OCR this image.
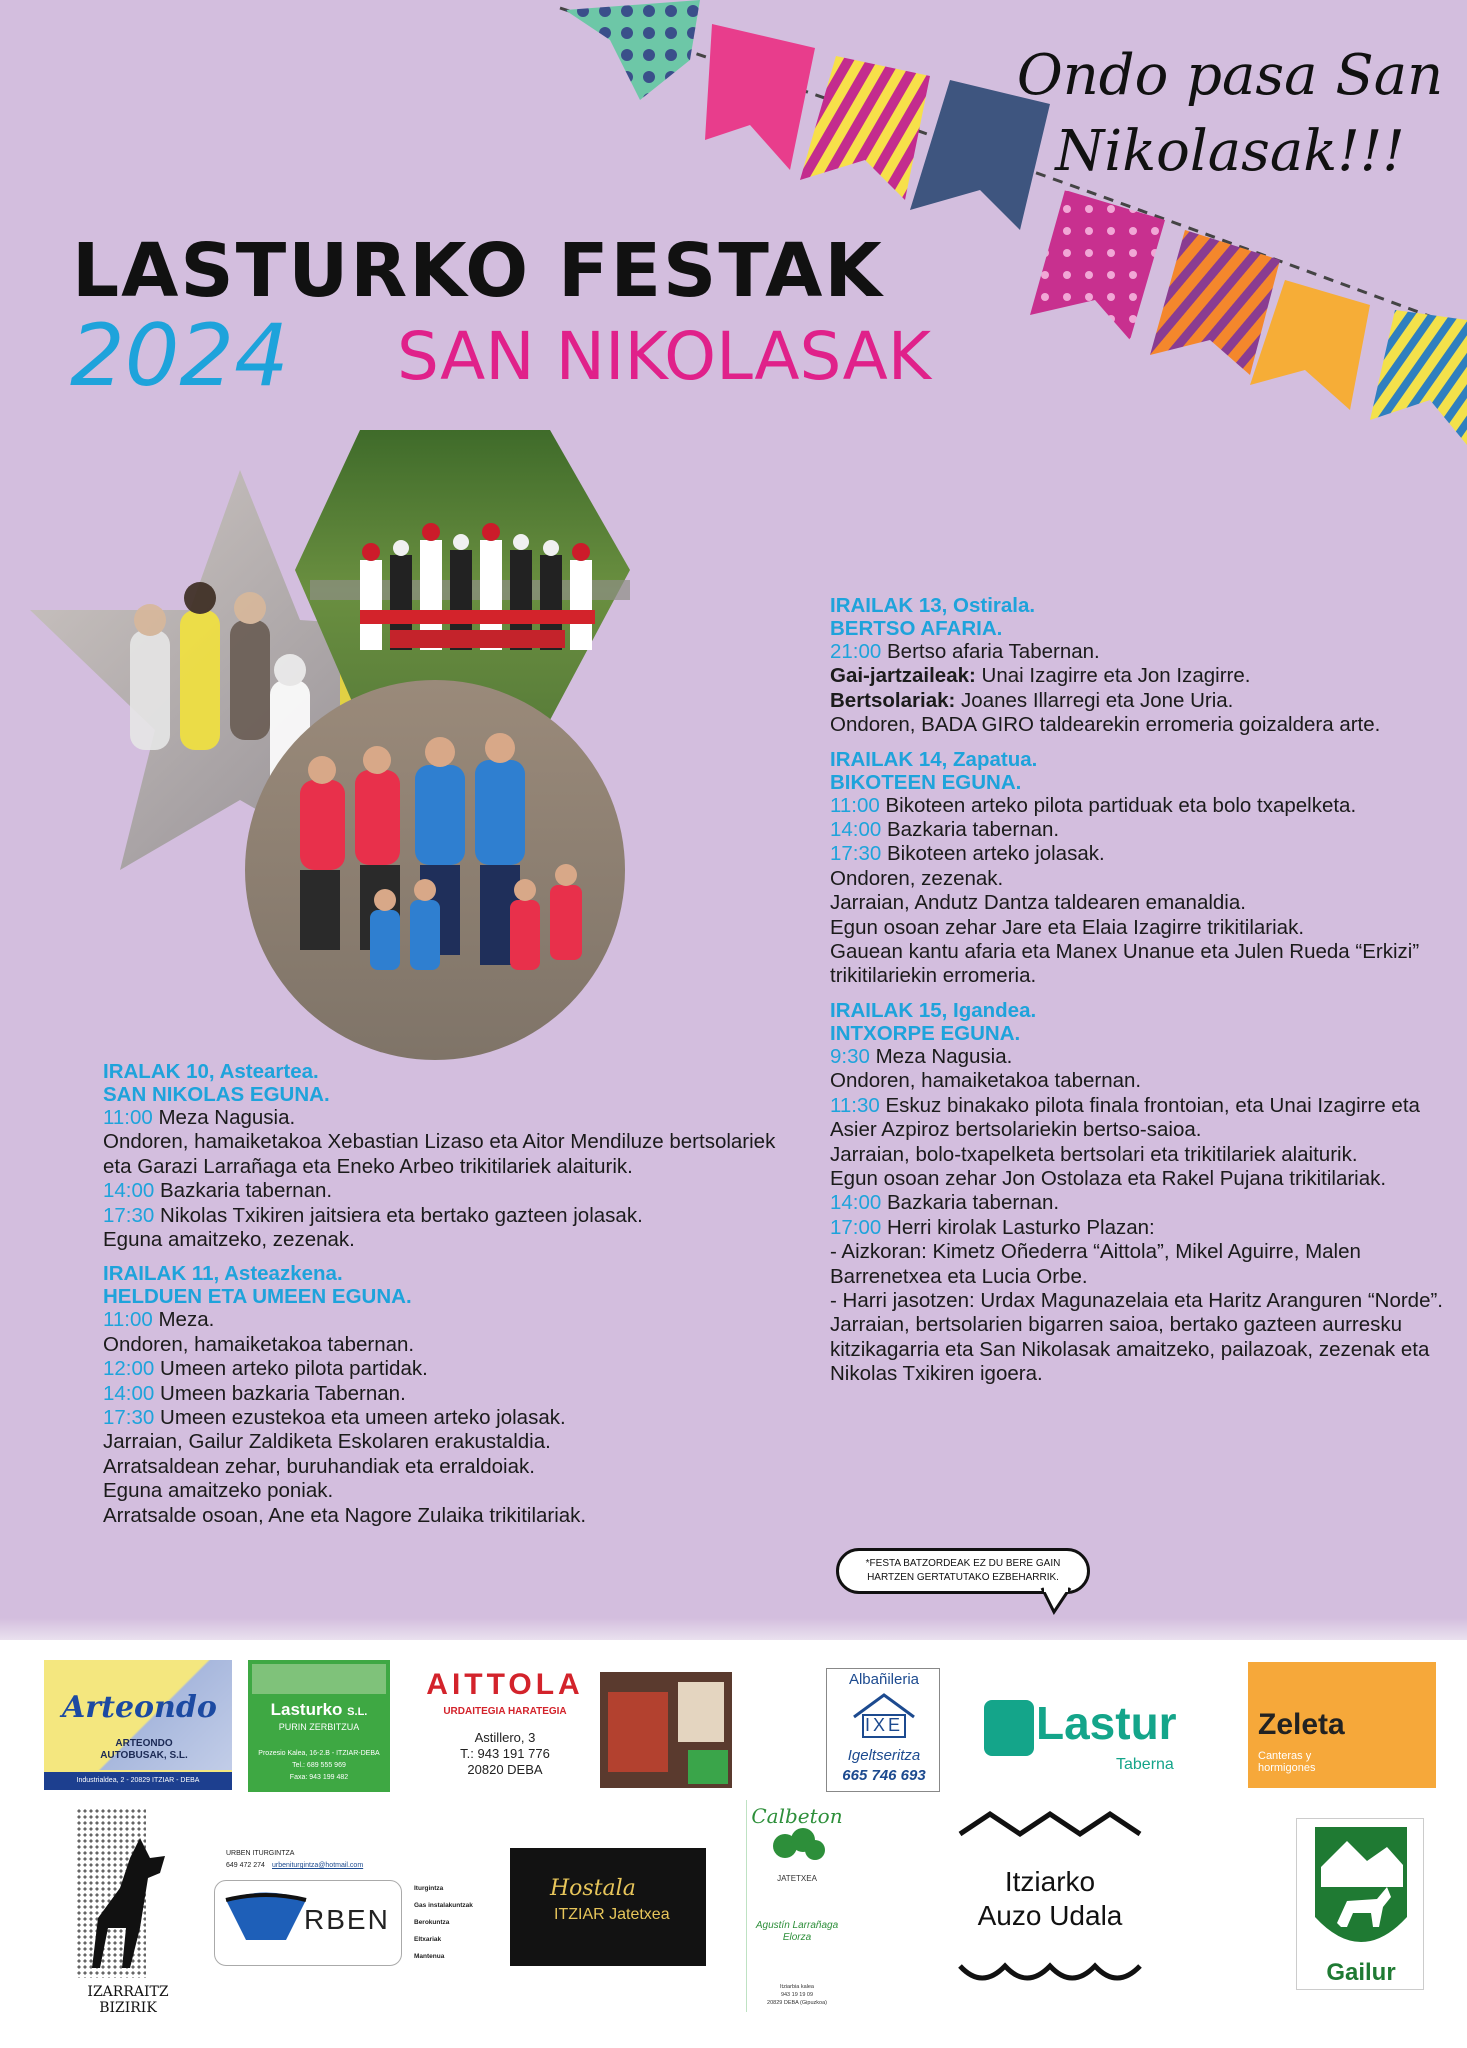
Ondo pasa San
Nikolasak!!!
LASTURKO FESTAK
2024 SAN NIKOLASAK
IRALAK 10, Asteartea.
SAN NIKOLAS EGUNA.
11:00 Meza Nagusia.
Ondoren, hamaiketakoa Xebastian Lizaso eta Aitor Mendiluze bertsolariek eta Garazi Larrañaga eta Eneko Arbeo trikitilariek alaiturik.
14:00 Bazkaria tabernan.
17:30 Nikolas Txikiren jaitsiera eta bertako gazteen jolasak.
Eguna amaitzeko, zezenak.
IRAILAK 11, Asteazkena.
HELDUEN ETA UMEEN EGUNA.
11:00 Meza.
Ondoren, hamaiketakoa tabernan.
12:00 Umeen arteko pilota partidak.
14:00 Umeen bazkaria Tabernan.
17:30 Umeen ezustekoa eta umeen arteko jolasak.
Jarraian, Gailur Zaldiketa Eskolaren erakustaldia.
Arratsaldean zehar, buruhandiak eta erraldoiak.
Eguna amaitzeko poniak.
Arratsalde osoan, Ane eta Nagore Zulaika trikitilariak.
IRAILAK 13, Ostirala.
BERTSO AFARIA.
21:00 Bertso afaria Tabernan.
Gai-jartzaileak: Unai Izagirre eta Jon Izagirre.
Bertsolariak: Joanes Illarregi eta Jone Uria.
Ondoren, BADA GIRO taldearekin erromeria goizaldera arte.
IRAILAK 14, Zapatua.
BIKOTEEN EGUNA.
11:00 Bikoteen arteko pilota partiduak eta bolo txapelketa.
14:00 Bazkaria tabernan.
17:30 Bikoteen arteko jolasak.
Ondoren, zezenak.
Jarraian, Andutz Dantza taldearen emanaldia.
Egun osoan zehar Jare eta Elaia Izagirre trikitilariak.
Gauean kantu afaria eta Manex Unanue eta Julen Rueda “Erkizi” trikitilariekin erromeria.
IRAILAK 15, Igandea.
INTXORPE EGUNA.
9:30 Meza Nagusia.
Ondoren, hamaiketakoa tabernan.
11:30 Eskuz binakako pilota finala frontoian, eta Unai Izagirre eta Asier Azpiroz bertsolariekin bertso-saioa.
Jarraian, bolo-txapelketa bertsolari eta trikitilariek alaiturik.
Egun osoan zehar Jon Ostolaza eta Rakel Pujana trikitilariak.
14:00 Bazkaria tabernan.
17:00 Herri kirolak Lasturko Plazan:
- Aizkoran: Kimetz Oñederra “Aittola”, Mikel Aguirre, Malen Barrenetxea eta Lucia Orbe.
- Harri jasotzen: Urdax Magunazelaia eta Haritz Aranguren “Norde”.
Jarraian, bertsolarien bigarren saioa, bertako gazteen aurresku kitzikagarria eta San Nikolasak amaitzeko, pailazoak, zezenak eta Nikolas Txikiren igoera.
*FESTA BATZORDEAK EZ DU BERE GAIN
HARTZEN GERTATUTAKO EZBEHARRIK.
Arteondo
ARTEONDO AUTOBUSAK, S.L.
Industrialdea, 2 - 20829 ITZIAR - DEBA
Lasturko S.L.
PURIN ZERBITZUA
Prozesio Kalea, 16-2.B - ITZIAR-DEBA
Tel.: 689 555 969
Faxa: 943 199 482
AITTOLA
URDAITEGIA HARATEGIA
Astillero, 3
T.: 943 191 776
20820 DEBA
Albañileria
IXE
Igeltseritza
665 746 693
Lastur
Taberna
Zeleta
Canteras y hormigones
IZARRAITZ BIZIRIK
URBEN ITURGINTZA
649 472 274 urbeniturgintza@hotmail.com
RBEN
Iturgintza
Gas instalakuntzak
Berokuntza
Eltxariak
Mantenua
Hostala
ITZIAR Jatetxea
Calbeton
JATETXEA
Agustín Larrañaga Elorza
Itziarbia kalea
943 19 19 09
20829 DEBA (Gipuzkoa)
Itziarko
Auzo Udala
Gailur
